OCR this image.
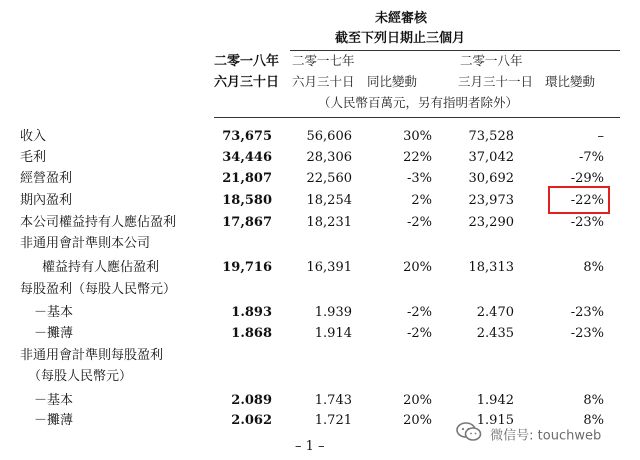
未經審核
截至下列日期止三個月
二零一八年
六月三十日
二零一七年
六月三十日 同比變動
二零一八年
三月三十一日 環比變動
（人民幣百萬元，另有指明者除外）
收入	73,675	56,606	30%	73,528	–
毛利	34,446	28,306	22%	37,042	-7%
經營盈利	21,807	22,560	-3%	30,692	-29%
期內盈利	18,580	18,254	2%	23,973	-22%
本公司權益持有人應佔盈利	17,867	18,231	-2%	23,290	-23%
非通用會計準則本公司
權益持有人應佔盈利	19,716	16,391	20%	18,313	8%
每股盈利（每股人民幣元）
－基本	1.893	1.939	-2%	2.470	-23%
－攤薄	1.868	1.914	-2%	2.435	-23%
非通用會計準則每股盈利
（每股人民幣元）
－基本	2.089	1.743	20%	1.942	8%
－攤薄	2.062	1.721	20%	1.915	8%
– 1 –
微信号: touchweb
